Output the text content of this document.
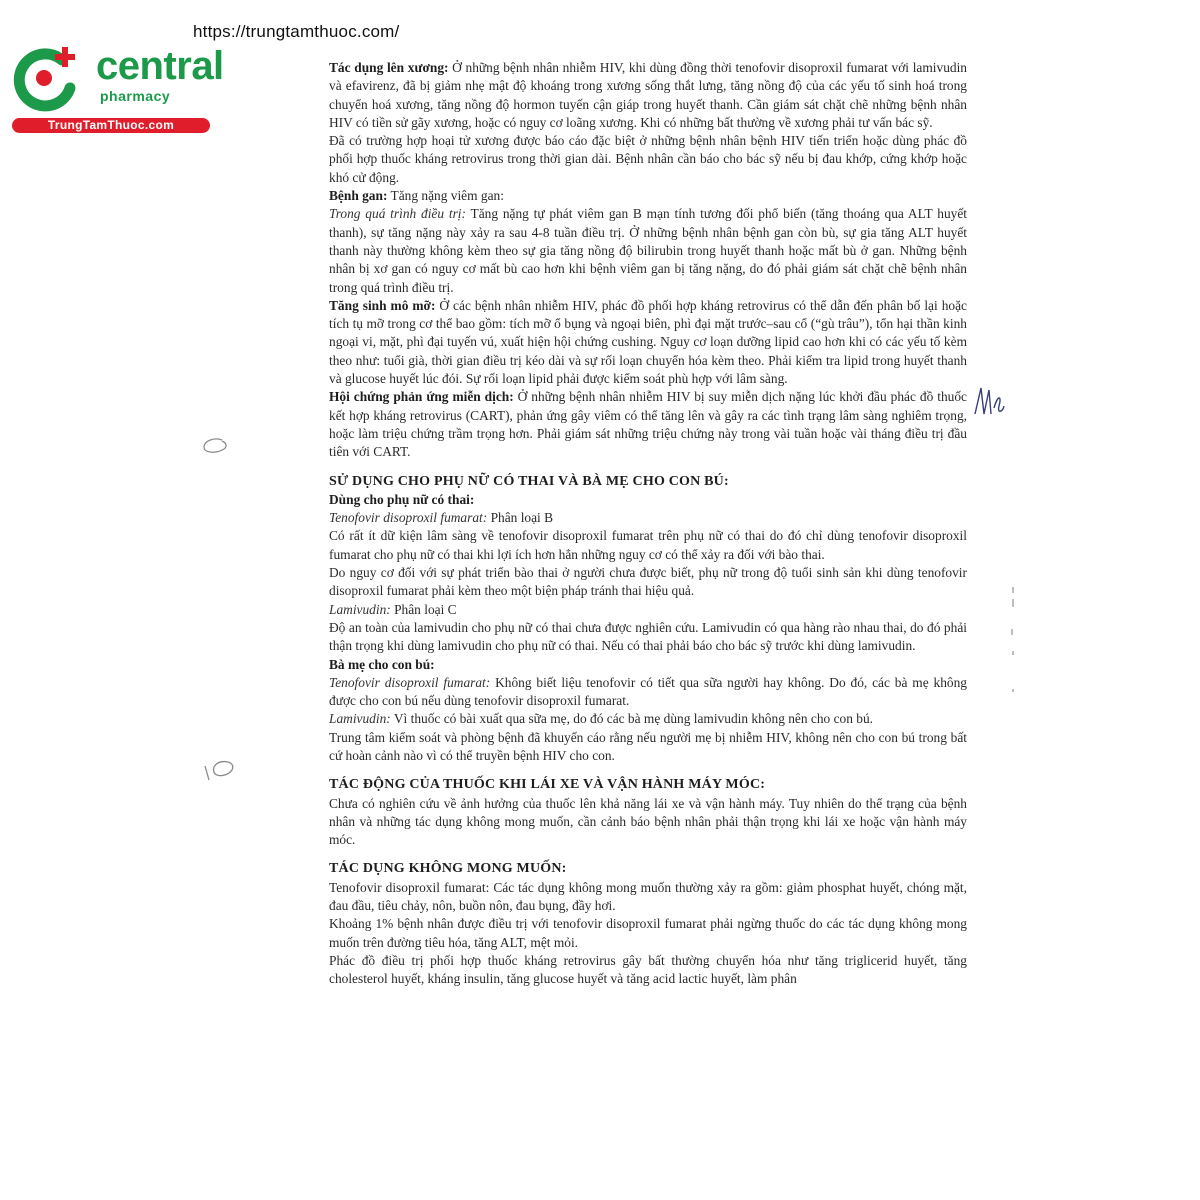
https://trungtamthuoc.com/
central
pharmacy
TrungTamThuoc.com

Tác dụng lên xương: Ở những bệnh nhân nhiễm HIV, khi dùng đồng thời tenofovir disoproxil fumarat với lamivudin và efavirenz, đã bị giảm nhẹ mật độ khoáng trong xương sống thắt lưng, tăng nồng độ của các yếu tố sinh hoá trong chuyển hoá xương, tăng nồng độ hormon tuyến cận giáp trong huyết thanh. Cần giám sát chặt chẽ những bệnh nhân HIV có tiền sử gãy xương, hoặc có nguy cơ loãng xương. Khi có những bất thường về xương phải tư vấn bác sỹ.

Đã có trường hợp hoại tử xương được báo cáo đặc biệt ở những bệnh nhân bệnh HIV tiến triển hoặc dùng phác đồ phối hợp thuốc kháng retrovirus trong thời gian dài. Bệnh nhân cần báo cho bác sỹ nếu bị đau khớp, cứng khớp hoặc khó cử động.

Bệnh gan: Tăng nặng viêm gan:

Trong quá trình điều trị: Tăng nặng tự phát viêm gan B mạn tính tương đối phổ biến (tăng thoáng qua ALT huyết thanh), sự tăng nặng này xảy ra sau 4-8 tuần điều trị. Ở những bệnh nhân bệnh gan còn bù, sự gia tăng ALT huyết thanh này thường không kèm theo sự gia tăng nồng độ bilirubin trong huyết thanh hoặc mất bù ở gan. Những bệnh nhân bị xơ gan có nguy cơ mất bù cao hơn khi bệnh viêm gan bị tăng nặng, do đó phải giám sát chặt chẽ bệnh nhân trong quá trình điều trị.

Tăng sinh mô mỡ: Ở các bệnh nhân nhiễm HIV, phác đồ phối hợp kháng retrovirus có thể dẫn đến phân bố lại hoặc tích tụ mỡ trong cơ thể bao gồm: tích mỡ ổ bụng và ngoại biên, phì đại mặt trước–sau cổ (“gù trâu”), tổn hại thần kinh ngoại vi, mặt, phì đại tuyến vú, xuất hiện hội chứng cushing. Nguy cơ loạn dưỡng lipid cao hơn khi có các yếu tố kèm theo như: tuổi già, thời gian điều trị kéo dài và sự rối loạn chuyển hóa kèm theo. Phải kiểm tra lipid trong huyết thanh và glucose huyết lúc đói. Sự rối loạn lipid phải được kiểm soát phù hợp với lâm sàng.

Hội chứng phản ứng miễn dịch: Ở những bệnh nhân nhiễm HIV bị suy miễn dịch nặng lúc khởi đầu phác đồ thuốc kết hợp kháng retrovirus (CART), phản ứng gây viêm có thể tăng lên và gây ra các tình trạng lâm sàng nghiêm trọng, hoặc làm triệu chứng trầm trọng hơn. Phải giám sát những triệu chứng này trong vài tuần hoặc vài tháng điều trị đầu tiên với CART.

SỬ DỤNG CHO PHỤ NỮ CÓ THAI VÀ BÀ MẸ CHO CON BÚ:

Dùng cho phụ nữ có thai:

Tenofovir disoproxil fumarat: Phân loại B

Có rất ít dữ kiện lâm sàng về tenofovir disoproxil fumarat trên phụ nữ có thai do đó chỉ dùng tenofovir disoproxil fumarat cho phụ nữ có thai khi lợi ích hơn hẳn những nguy cơ có thể xảy ra đối với bào thai.

Do nguy cơ đối với sự phát triển bào thai ở người chưa được biết, phụ nữ trong độ tuổi sinh sản khi dùng tenofovir disoproxil fumarat phải kèm theo một biện pháp tránh thai hiệu quả.

Lamivudin: Phân loại C

Độ an toàn của lamivudin cho phụ nữ có thai chưa được nghiên cứu. Lamivudin có qua hàng rào nhau thai, do đó phải thận trọng khi dùng lamivudin cho phụ nữ có thai. Nếu có thai phải báo cho bác sỹ trước khi dùng lamivudin.

Bà mẹ cho con bú:

Tenofovir disoproxil fumarat: Không biết liệu tenofovir có tiết qua sữa người hay không. Do đó, các bà mẹ không được cho con bú nếu dùng tenofovir disoproxil fumarat.

Lamivudin: Vì thuốc có bài xuất qua sữa mẹ, do đó các bà mẹ dùng lamivudin không nên cho con bú.

Trung tâm kiểm soát và phòng bệnh đã khuyến cáo rằng nếu người mẹ bị nhiễm HIV, không nên cho con bú trong bất cứ hoàn cảnh nào vì có thể truyền bệnh HIV cho con.

TÁC ĐỘNG CỦA THUỐC KHI LÁI XE VÀ VẬN HÀNH MÁY MÓC:

Chưa có nghiên cứu về ảnh hưởng của thuốc lên khả năng lái xe và vận hành máy. Tuy nhiên do thể trạng của bệnh nhân và những tác dụng không mong muốn, cần cảnh báo bệnh nhân phải thận trọng khi lái xe hoặc vận hành máy móc.

TÁC DỤNG KHÔNG MONG MUỐN:

Tenofovir disoproxil fumarat: Các tác dụng không mong muốn thường xảy ra gồm: giảm phosphat huyết, chóng mặt, đau đầu, tiêu chảy, nôn, buồn nôn, đau bụng, đầy hơi.

Khoảng 1% bệnh nhân được điều trị với tenofovir disoproxil fumarat phải ngừng thuốc do các tác dụng không mong muốn trên đường tiêu hóa, tăng ALT, mệt mỏi.

Phác đồ điều trị phối hợp thuốc kháng retrovirus gây bất thường chuyển hóa như tăng triglicerid huyết, tăng cholesterol huyết, kháng insulin, tăng glucose huyết và tăng acid lactic huyết, làm phân
